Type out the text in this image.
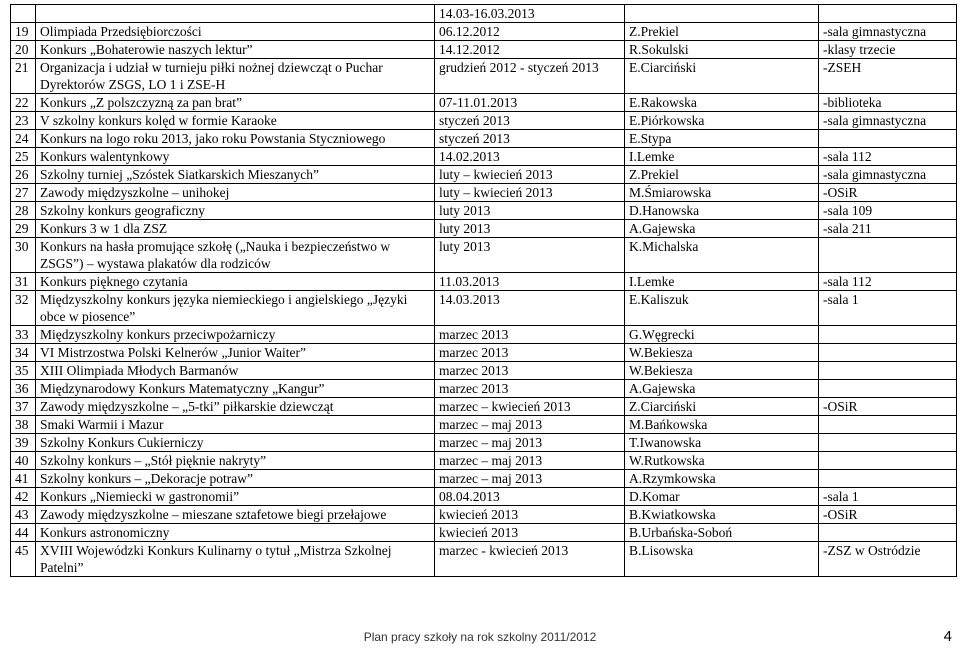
		14.03-16.03.2013		
19	Olimpiada Przedsiębiorczości	06.12.2012	Z.Prekiel	-sala gimnastyczna
20	Konkurs „Bohaterowie naszych lektur”	14.12.2012	R.Sokulski	-klasy trzecie
21	Organizacja i udział w turnieju piłki nożnej dziewcząt o Puchar Dyrektorów ZSGS, LO 1 i ZSE-H	grudzień 2012 - styczeń 2013	E.Ciarciński	-ZSEH
22	Konkurs „Z polszczyzną za pan brat”	07-11.01.2013	E.Rakowska	-biblioteka
23	V szkolny konkurs kolęd w formie Karaoke	styczeń 2013	E.Piórkowska	-sala gimnastyczna
24	Konkurs na logo roku 2013, jako roku Powstania Styczniowego	styczeń 2013	E.Stypa	
25	Konkurs walentynkowy	14.02.2013	I.Lemke	-sala 112
26	Szkolny turniej „Szóstek Siatkarskich Mieszanych”	luty – kwiecień 2013	Z.Prekiel	-sala gimnastyczna
27	Zawody międzyszkolne – unihokej	luty – kwiecień 2013	M.Śmiarowska	-OSiR
28	Szkolny konkurs geograficzny	luty 2013	D.Hanowska	-sala 109
29	Konkurs 3 w 1 dla ZSZ	luty 2013	A.Gajewska	-sala 211
30	Konkurs na hasła promujące szkołę („Nauka i bezpieczeństwo w ZSGS”) – wystawa plakatów dla rodziców	luty 2013	K.Michalska	
31	Konkurs pięknego czytania	11.03.2013	I.Lemke	-sala 112
32	Międzyszkolny konkurs języka niemieckiego i angielskiego „Języki obce w piosence”	14.03.2013	E.Kaliszuk	-sala 1
33	Międzyszkolny konkurs przeciwpożarniczy	marzec 2013	G.Węgrecki	
34	VI Mistrzostwa Polski Kelnerów „Junior Waiter”	marzec 2013	W.Bekiesza	
35	XIII Olimpiada Młodych Barmanów	marzec 2013	W.Bekiesza	
36	Międzynarodowy Konkurs Matematyczny „Kangur”	marzec 2013	A.Gajewska	
37	Zawody międzyszkolne – „5-tki” piłkarskie dziewcząt	marzec – kwiecień 2013	Z.Ciarciński	-OSiR
38	Smaki Warmii i Mazur	marzec – maj 2013	M.Bańkowska	
39	Szkolny Konkurs Cukierniczy	marzec – maj 2013	T.Iwanowska	
40	Szkolny konkurs – „Stół pięknie nakryty”	marzec – maj 2013	W.Rutkowska	
41	Szkolny konkurs – „Dekoracje potraw”	marzec – maj 2013	A.Rzymkowska	
42	Konkurs „Niemiecki w gastronomii”	08.04.2013	D.Komar	-sala 1
43	Zawody międzyszkolne – mieszane sztafetowe biegi przełajowe	kwiecień 2013	B.Kwiatkowska	-OSiR
44	Konkurs astronomiczny	kwiecień 2013	B.Urbańska-Soboń	
45	XVIII Wojewódzki Konkurs Kulinarny o tytuł „Mistrza Szkolnej Patelni”	marzec - kwiecień 2013	B.Lisowska	-ZSZ w Ostródzie
Plan pracy szkoły na rok szkolny 2011/2012	4
